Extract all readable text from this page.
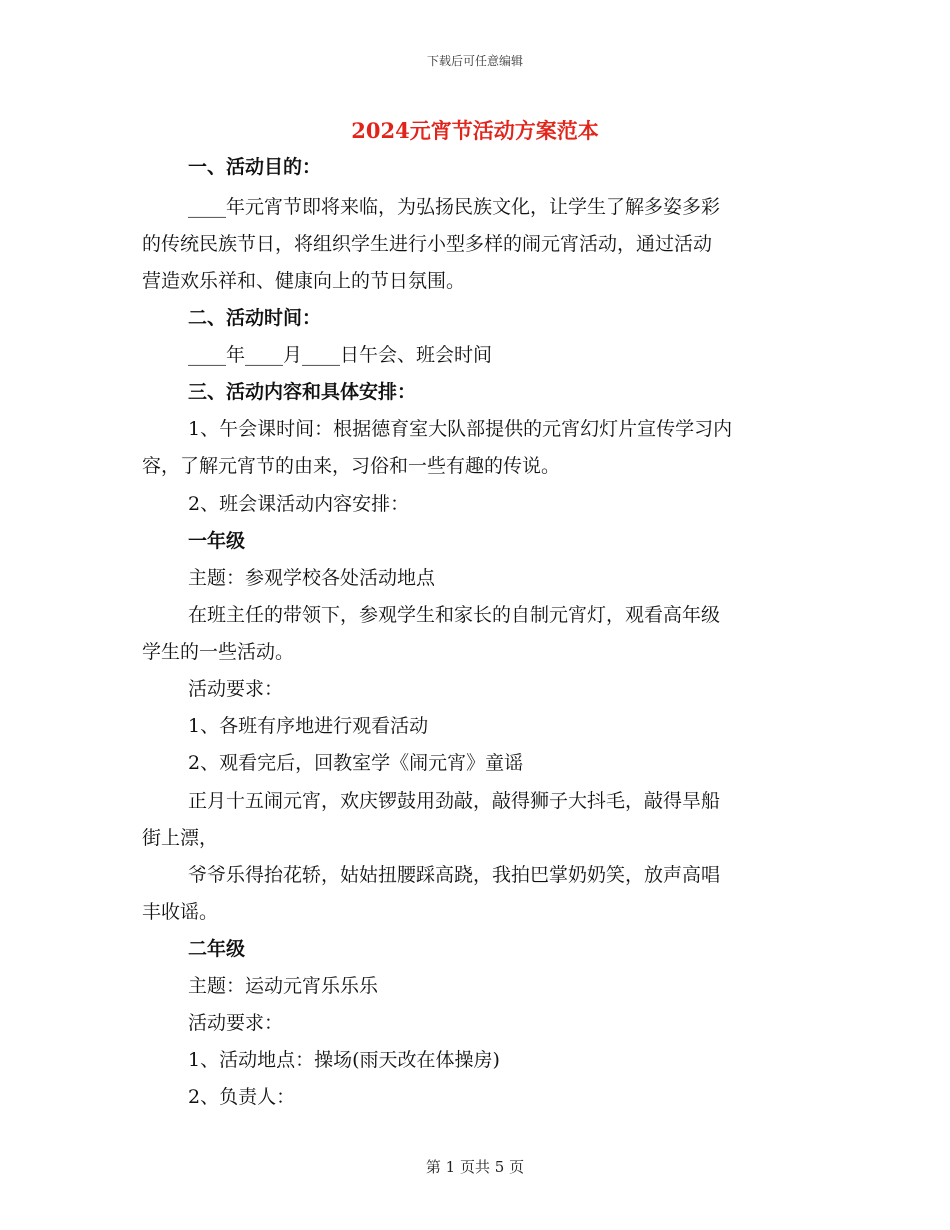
下载后可任意编辑
2024元宵节活动方案范本
一、活动目的：
____年元宵节即将来临，为弘扬民族文化，让学生了解多姿多彩
的传统民族节日，将组织学生进行小型多样的闹元宵活动，通过活动
营造欢乐祥和、健康向上的节日氛围。
二、活动时间：
____年____月____日午会、班会时间
三、活动内容和具体安排：
1、午会课时间：根据德育室大队部提供的元宵幻灯片宣传学习内
容，了解元宵节的由来，习俗和一些有趣的传说。
2、班会课活动内容安排：
一年级
主题：参观学校各处活动地点
在班主任的带领下，参观学生和家长的自制元宵灯，观看高年级
学生的一些活动。
活动要求：
1、各班有序地进行观看活动
2、观看完后，回教室学《闹元宵》童谣
正月十五闹元宵，欢庆锣鼓用劲敲，敲得狮子大抖毛，敲得旱船
街上漂，
爷爷乐得抬花轿，姑姑扭腰踩高跷，我拍巴掌奶奶笑，放声高唱
丰收谣。
二年级
主题：运动元宵乐乐乐
活动要求：
1、活动地点：操场(雨天改在体操房)
2、负责人：
第 1 页共 5 页
